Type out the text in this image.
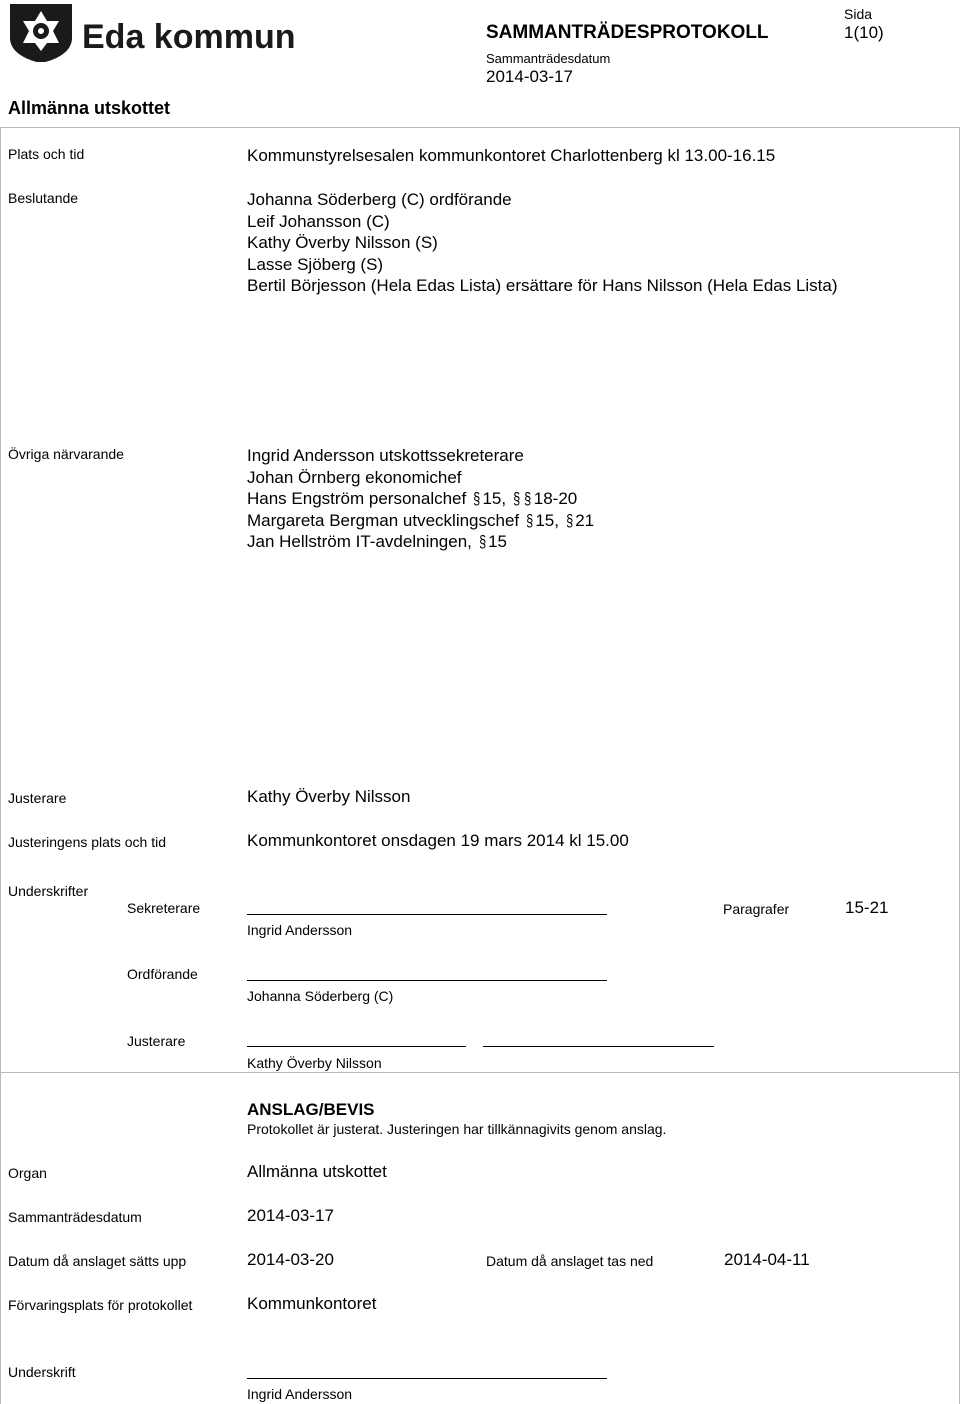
Eda kommun	SAMMANTRÄDESPROTOKOLL
Sammanträdesdatum
2014-03-17
Sida
1(10)
Allmänna utskottet
Plats och tid	Kommunstyrelsesalen kommunkontoret Charlottenberg kl 13.00-16.15
Beslutande	Johanna Söderberg (C) ordförande
Leif Johansson (C)
Kathy Överby Nilsson (S)
Lasse Sjöberg (S)
Bertil Börjesson (Hela Edas Lista) ersättare för Hans Nilsson (Hela Edas Lista)
Övriga närvarande	Ingrid Andersson utskottssekreterare
Johan Örnberg ekonomichef
Hans Engström personalchef § 15, § § 18-20
Margareta Bergman utvecklingschef § 15, § 21
Jan Hellström IT-avdelningen, § 15
Justerare	Kathy Överby Nilsson
Justeringens plats och tid	Kommunkontoret onsdagen 19 mars 2014 kl 15.00
Underskrifter
Sekreterare
Ingrid Andersson
Paragrafer	15-21
Ordförande
Johanna Söderberg (C)
Justerare
Kathy Överby Nilsson
ANSLAG/BEVIS
Protokollet är justerat. Justeringen har tillkännagivits genom anslag.
Organ	Allmänna utskottet
Sammanträdesdatum	2014-03-17
Datum då anslaget sätts upp	2014-03-20	Datum då anslaget tas ned	2014-04-11
Förvaringsplats för protokollet	Kommunkontoret
Underskrift
Ingrid Andersson
